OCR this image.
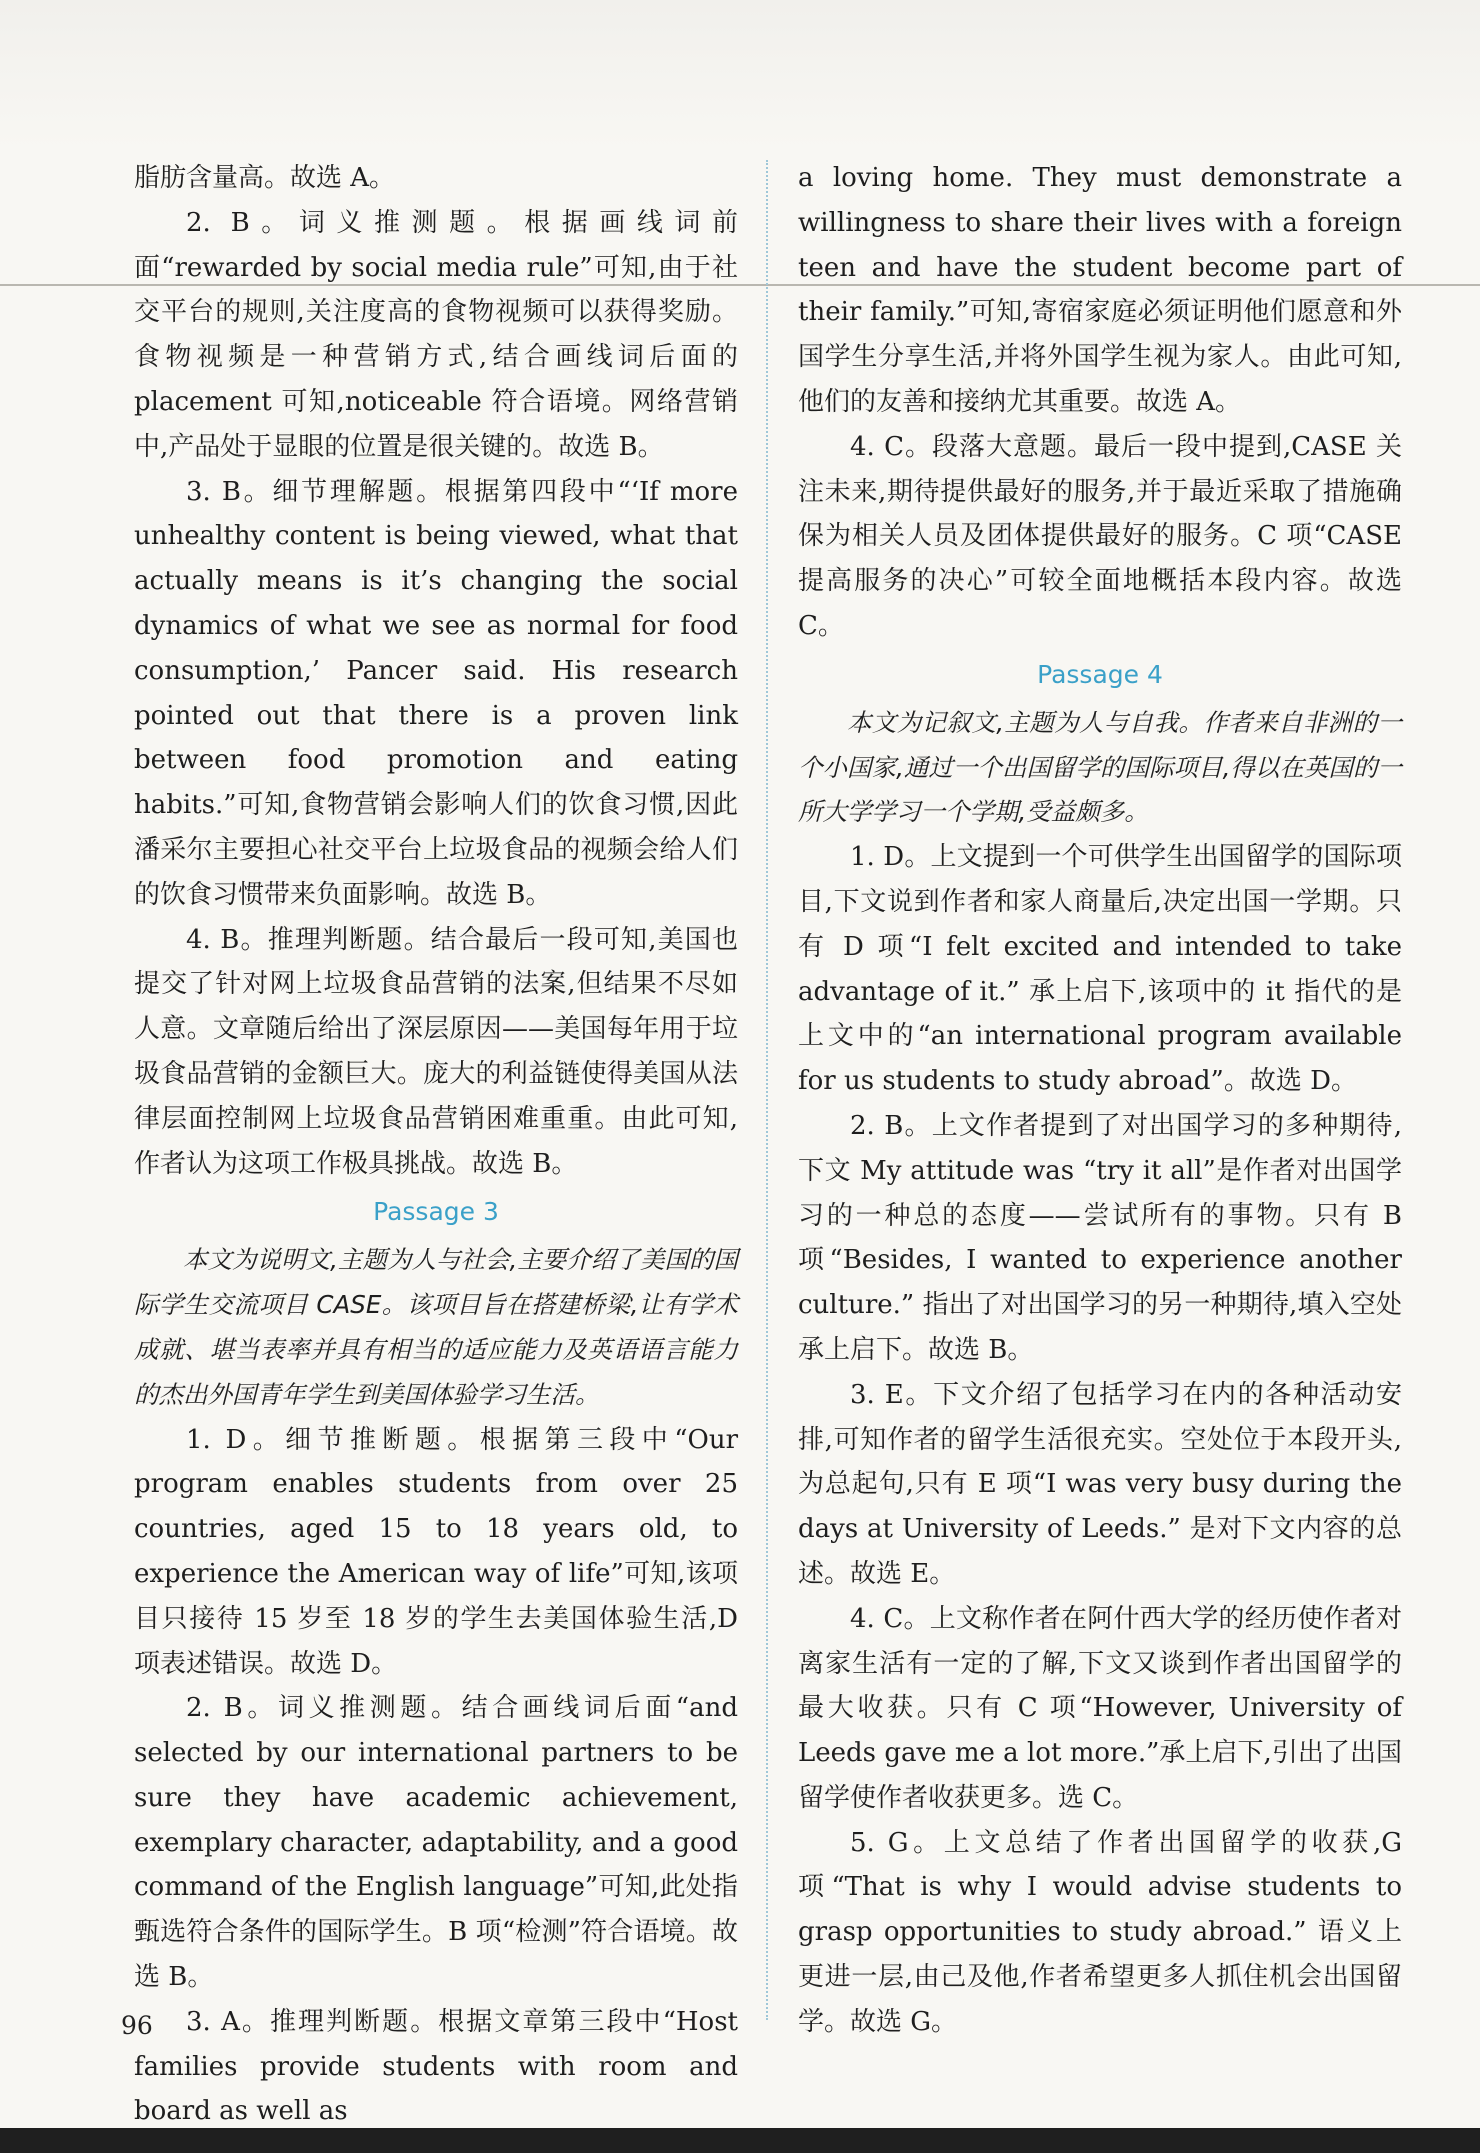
脂肪含量高。故选 A。

2. B。词义推测题。根据画线词前面“rewarded by social media rule”可知,由于社交平台的规则,关注度高的食物视频可以获得奖励。食物视频是一种营销方式,结合画线词后面的 placement 可知,noticeable 符合语境。网络营销中,产品处于显眼的位置是很关键的。故选 B。

3. B。细节理解题。根据第四段中“‘If more unhealthy content is being viewed, what that actually means is it’s changing the social dynamics of what we see as normal for food consumption,’ Pancer said. His research pointed out that there is a proven link between food promotion and eating habits.”可知,食物营销会影响人们的饮食习惯,因此潘采尔主要担心社交平台上垃圾食品的视频会给人们的饮食习惯带来负面影响。故选 B。

4. B。推理判断题。结合最后一段可知,美国也提交了针对网上垃圾食品营销的法案,但结果不尽如人意。文章随后给出了深层原因——美国每年用于垃圾食品营销的金额巨大。庞大的利益链使得美国从法律层面控制网上垃圾食品营销困难重重。由此可知,作者认为这项工作极具挑战。故选 B。

Passage 3

本文为说明文,主题为人与社会,主要介绍了美国的国际学生交流项目 CASE。该项目旨在搭建桥梁,让有学术成就、堪当表率并具有相当的适应能力及英语语言能力的杰出外国青年学生到美国体验学习生活。

1. D。细节推断题。根据第三段中“Our program enables students from over 25 countries, aged 15 to 18 years old, to experience the American way of life”可知,该项目只接待 15 岁至 18 岁的学生去美国体验生活,D 项表述错误。故选 D。

2. B。词义推测题。结合画线词后面“and selected by our international partners to be sure they have academic achievement, exemplary character, adaptability, and a good command of the English language”可知,此处指甄选符合条件的国际学生。B 项“检测”符合语境。故选 B。

3. A。推理判断题。根据文章第三段中“Host families provide students with room and board as well as

a loving home. They must demonstrate a willingness to share their lives with a foreign teen and have the student become part of their family.”可知,寄宿家庭必须证明他们愿意和外国学生分享生活,并将外国学生视为家人。由此可知,他们的友善和接纳尤其重要。故选 A。

4. C。段落大意题。最后一段中提到,CASE 关注未来,期待提供最好的服务,并于最近采取了措施确保为相关人员及团体提供最好的服务。C 项“CASE 提高服务的决心”可较全面地概括本段内容。故选 C。

Passage 4

本文为记叙文,主题为人与自我。作者来自非洲的一个小国家,通过一个出国留学的国际项目,得以在英国的一所大学学习一个学期,受益颇多。

1. D。上文提到一个可供学生出国留学的国际项目,下文说到作者和家人商量后,决定出国一学期。只有 D 项“I felt excited and intended to take advantage of it.” 承上启下,该项中的 it 指代的是上文中的“an international program available for us students to study abroad”。故选 D。

2. B。上文作者提到了对出国学习的多种期待,下文 My attitude was “try it all”是作者对出国学习的一种总的态度——尝试所有的事物。只有 B 项“Besides, I wanted to experience another culture.” 指出了对出国学习的另一种期待,填入空处承上启下。故选 B。

3. E。下文介绍了包括学习在内的各种活动安排,可知作者的留学生活很充实。空处位于本段开头,为总起句,只有 E 项“I was very busy during the days at University of Leeds.” 是对下文内容的总述。故选 E。

4. C。上文称作者在阿什西大学的经历使作者对离家生活有一定的了解,下文又谈到作者出国留学的最大收获。只有 C 项“However, University of Leeds gave me a lot more.”承上启下,引出了出国留学使作者收获更多。选 C。

5. G。上文总结了作者出国留学的收获,G 项“That is why I would advise students to grasp opportunities to study abroad.” 语义上更进一层,由己及他,作者希望更多人抓住机会出国留学。故选 G。

96
